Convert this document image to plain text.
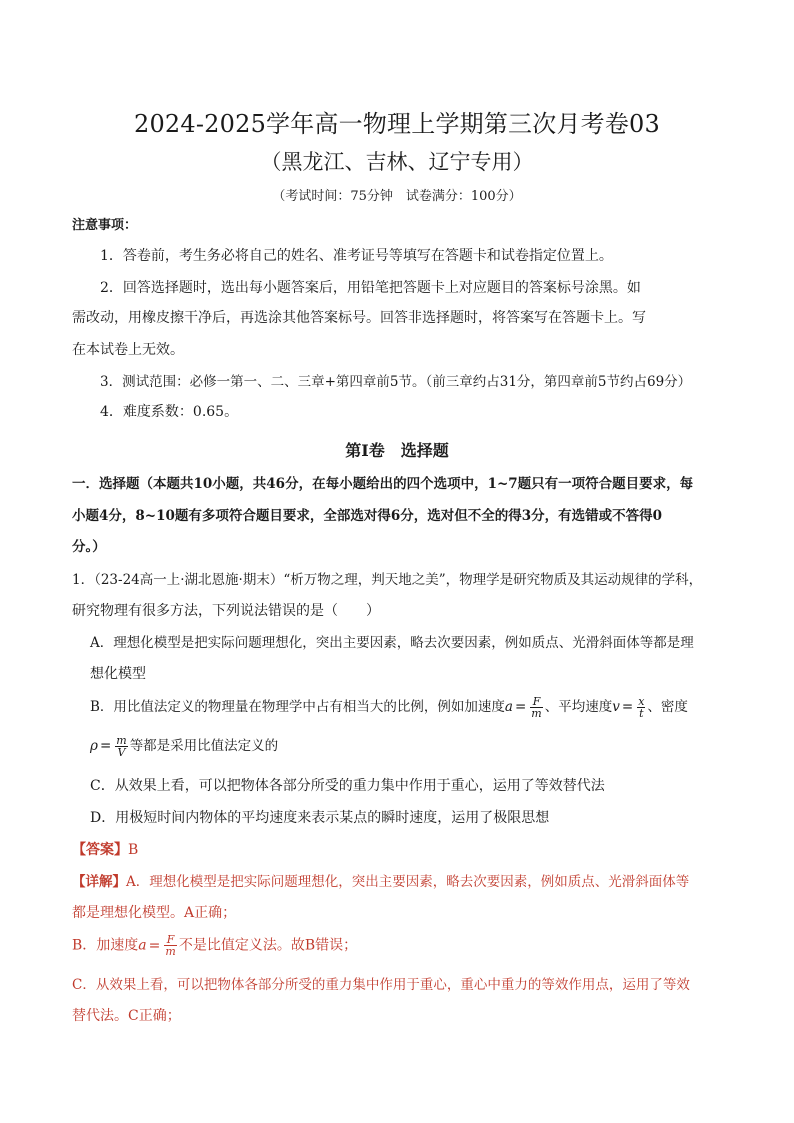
2024-2025学年高一物理上学期第三次月考卷03
（黑龙江、吉林、辽宁专用）
（考试时间：75分钟　试卷满分：100分）
注意事项：
1．答卷前，考生务必将自己的姓名、准考证号等填写在答题卡和试卷指定位置上。
2．回答选择题时，选出每小题答案后，用铅笔把答题卡上对应题目的答案标号涂黑。如
需改动，用橡皮擦干净后，再选涂其他答案标号。回答非选择题时，将答案写在答题卡上。写
在本试卷上无效。
3．测试范围：必修一第一、二、三章+第四章前5节。（前三章约占31分，第四章前5节约占69分）
4．难度系数：0.65。
第Ⅰ卷　选择题
一．选择题（本题共10小题，共46分，在每小题给出的四个选项中，1~7题只有一项符合题目要求，每
小题4分，8~10题有多项符合题目要求，全部选对得6分，选对但不全的得3分，有选错或不答得0
分。）
1．（23-24高一上·湖北恩施·期末）“析万物之理，判天地之美”，物理学是研究物质及其运动规律的学科，
研究物理有很多方法，下列说法错误的是（　　）
A．理想化模型是把实际问题理想化，突出主要因素，略去次要因素，例如质点、光滑斜面体等都是理
想化模型
B．用比值法定义的物理量在物理学中占有相当大的比例，例如加速度$a = \frac{F}{m}$ 、平均速度$v = \frac{x}{t}$ 、密度
$\rho = \frac{m}{V}$ 等都是采用比值法定义的
C．从效果上看，可以把物体各部分所受的重力集中作用于重心，运用了等效替代法
D．用极短时间内物体的平均速度来表示某点的瞬时速度，运用了极限思想
【答案】B
【详解】A．理想化模型是把实际问题理想化，突出主要因素，略去次要因素，例如质点、光滑斜面体等
都是理想化模型。A正确；
B．加速度$a = \frac{F}{m}$ 不是比值定义法。故B错误；
C．从效果上看，可以把物体各部分所受的重力集中作用于重心，重心中重力的等效作用点，运用了等效
替代法。C正确；
